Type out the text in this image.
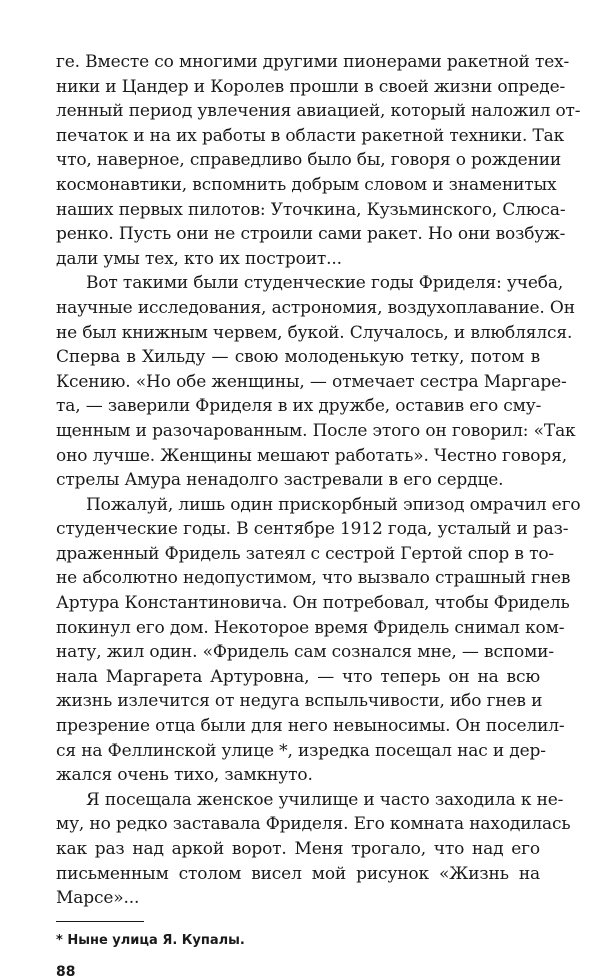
ге. Вместе со многими другими пионерами ракетной тех-
ники и Цандер и Королев прошли в своей жизни опреде-
ленный период увлечения авиацией, который наложил от-
печаток и на их работы в области ракетной техники. Так
что, наверное, справедливо было бы, говоря о рождении
космонавтики, вспомнить добрым словом и знаменитых
наших первых пилотов: Уточкина, Кузьминского, Слюса-
ренко. Пусть они не строили сами ракет. Но они возбуж-
дали умы тех, кто их построит...

Вот такими были студенческие годы Фриделя: учеба,
научные исследования, астрономия, воздухоплавание. Он
не был книжным червем, букой. Случалось, и влюблялся.
Сперва в Хильду — свою молоденькую тетку, потом в
Ксению. «Но обе женщины, — отмечает сестра Маргаре-
та, — заверили Фриделя в их дружбе, оставив его сму-
щенным и разочарованным. После этого он говорил: «Так
оно лучше. Женщины мешают работать». Честно говоря,
стрелы Амура ненадолго застревали в его сердце.

Пожалуй, лишь один прискорбный эпизод омрачил его
студенческие годы. В сентябре 1912 года, усталый и раз-
драженный Фридель затеял с сестрой Гертой спор в то-
не абсолютно недопустимом, что вызвало страшный гнев
Артура Константиновича. Он потребовал, чтобы Фридель
покинул его дом. Некоторое время Фридель снимал ком-
нату, жил один. «Фридель сам сознался мне, — вспоми-
нала Маргарета Артуровна, — что теперь он на всю
жизнь излечится от недуга вспыльчивости, ибо гнев и
презрение отца были для него невыносимы. Он поселил-
ся на Феллинской улице *, изредка посещал нас и дер-
жался очень тихо, замкнуто.

Я посещала женское училище и часто заходила к не-
му, но редко заставала Фриделя. Его комната находилась
как раз над аркой ворот. Меня трогало, что над его
письменным столом висел мой рисунок «Жизнь на
Марсе»...

* Ныне улица Я. Купалы.
88
